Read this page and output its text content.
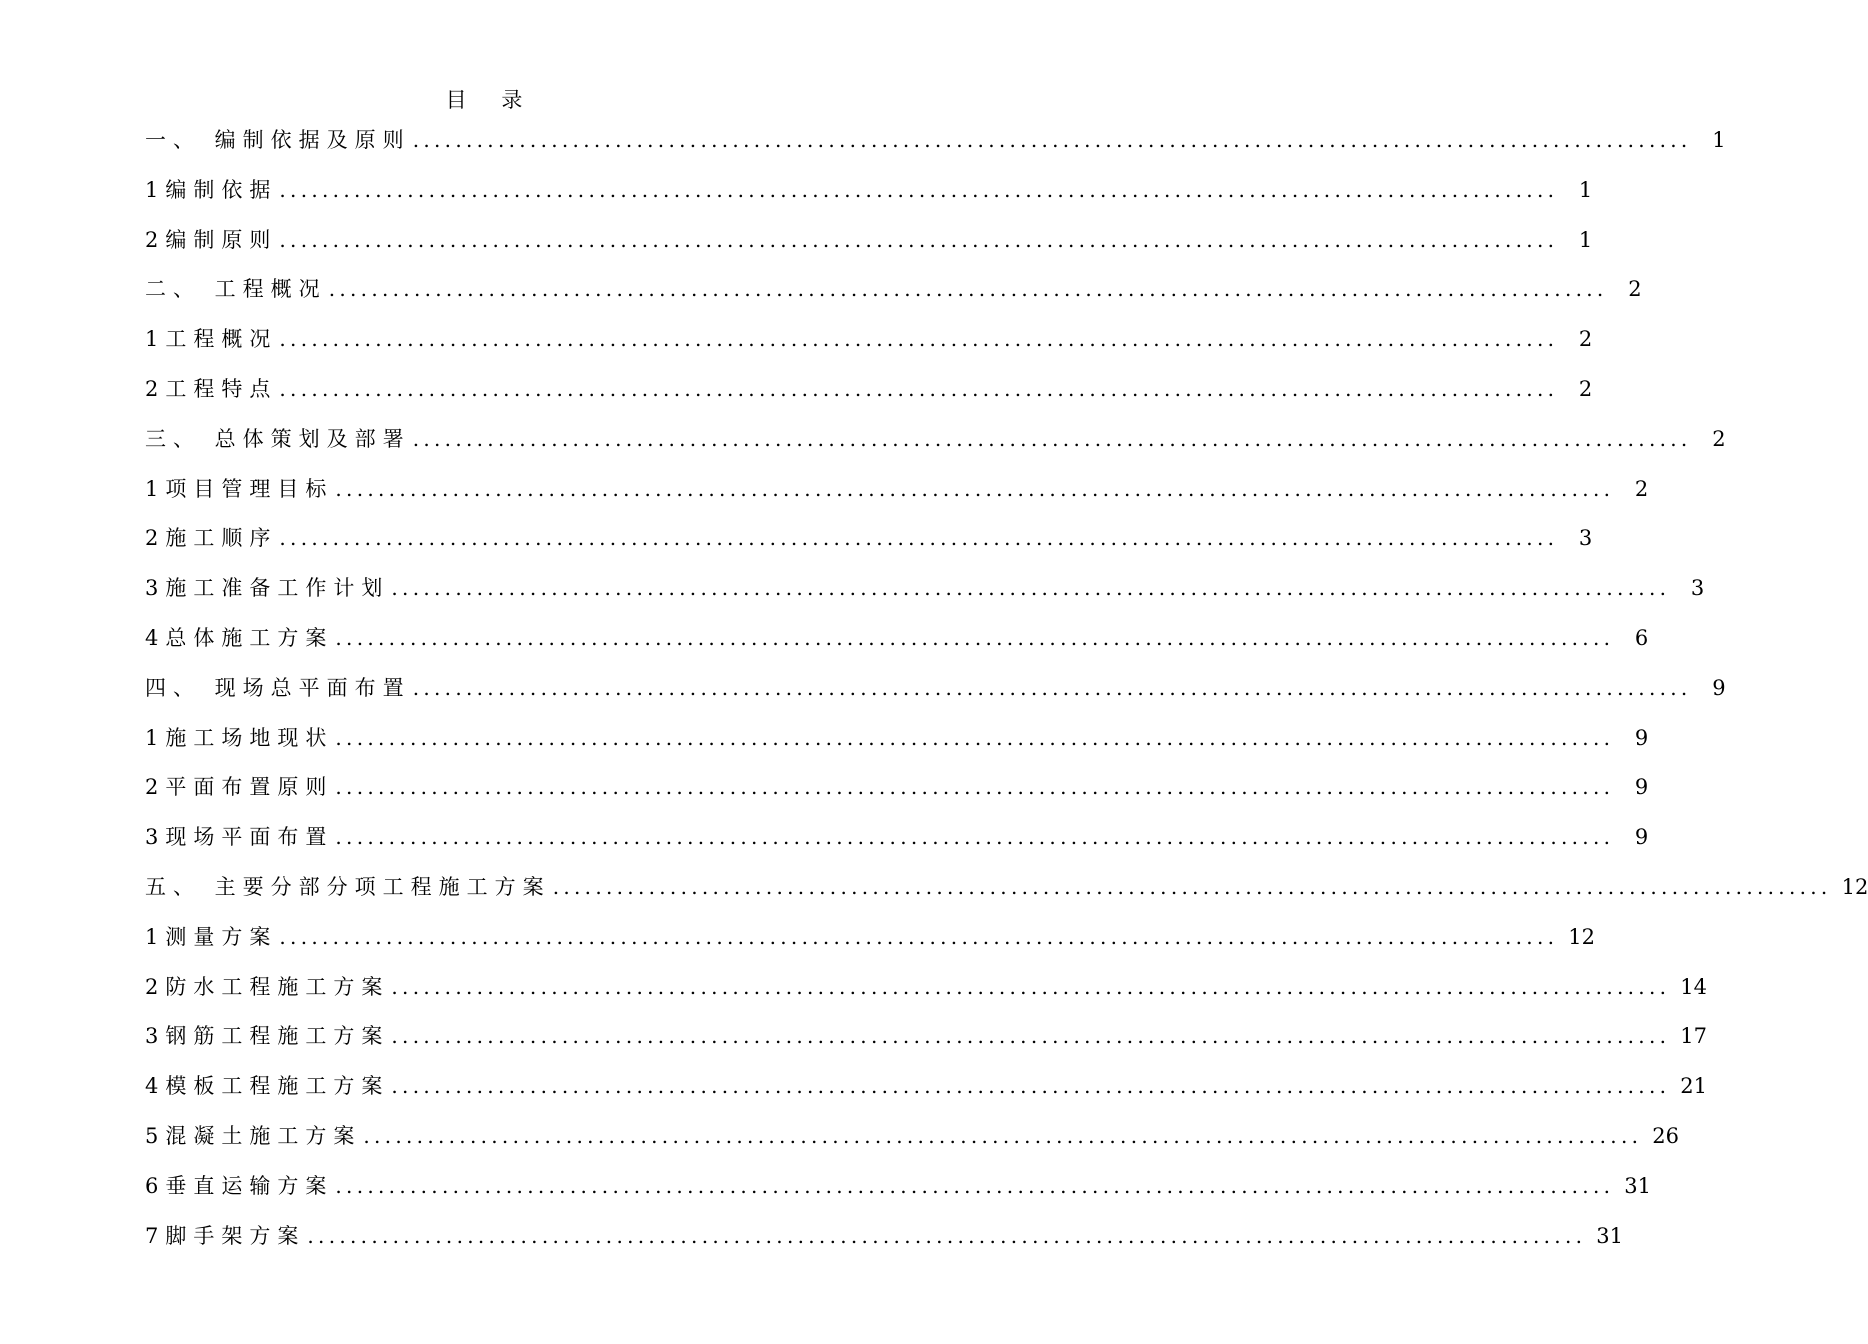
目 录
一、 编制依据及原则 ........................................................................................................................ 1
1编制依据 ........................................................................................................................ 1
2编制原则 ........................................................................................................................ 1
二、 工程概况 ........................................................................................................................ 2
1工程概况 ........................................................................................................................ 2
2工程特点 ........................................................................................................................ 2
三、 总体策划及部署 ........................................................................................................................ 2
1项目管理目标 ........................................................................................................................ 2
2施工顺序 ........................................................................................................................ 3
3施工准备工作计划 ........................................................................................................................ 3
4总体施工方案 ........................................................................................................................ 6
四、 现场总平面布置 ........................................................................................................................ 9
1施工场地现状 ........................................................................................................................ 9
2平面布置原则 ........................................................................................................................ 9
3现场平面布置 ........................................................................................................................ 9
五、 主要分部分项工程施工方案 ........................................................................................................................ 12
1测量方案 ........................................................................................................................ 12
2防水工程施工方案 ........................................................................................................................ 14
3钢筋工程施工方案 ........................................................................................................................ 17
4模板工程施工方案 ........................................................................................................................ 21
5混凝土施工方案 ........................................................................................................................ 26
6垂直运输方案 ........................................................................................................................ 31
7脚手架方案 ........................................................................................................................ 31
